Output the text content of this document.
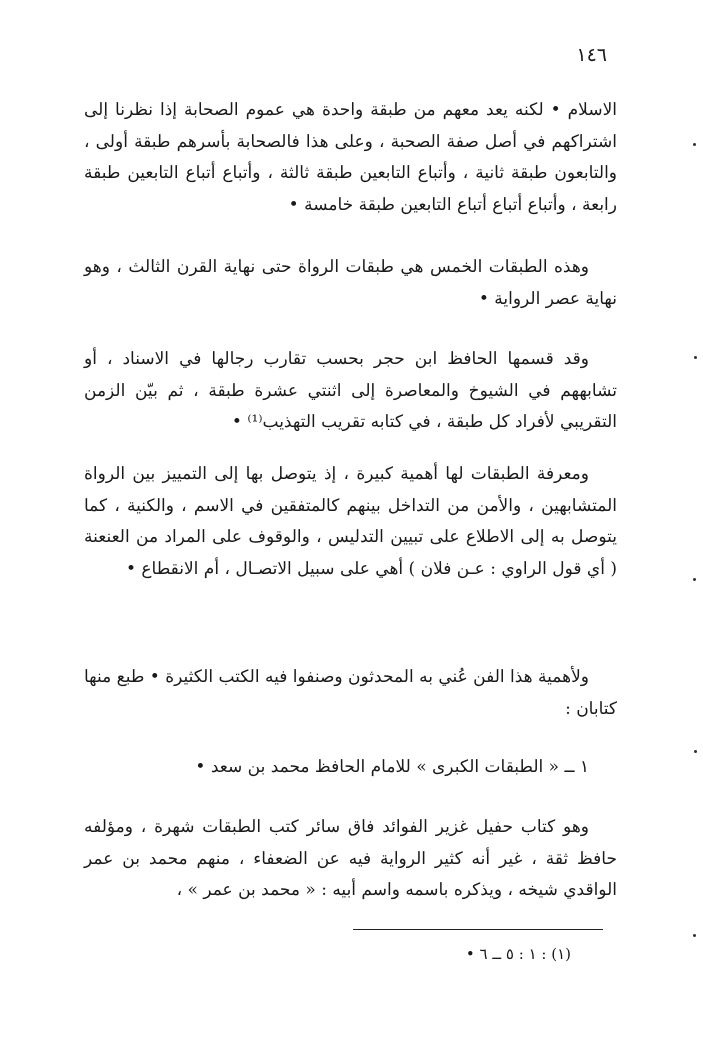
١٤٦

الاسلام • لكنه يعد معهم من طبقة واحدة هي عموم الصحابة إذا نظرنا إلى اشتراكهم في أصل صفة الصحبة ، وعلى هذا فالصحابة بأسرهم طبقة أولى ، والتابعون طبقة ثانية ، وأتباع التابعين طبقة ثالثة ، وأتباع أتباع التابعين طبقة رابعة ، وأتباع أتباع أتباع التابعين طبقة خامسة •

وهذه الطبقات الخمس هي طبقات الرواة حتى نهاية القرن الثالث ، وهو نهاية عصر الرواية •

وقد قسمها الحافظ ابن حجر بحسب تقارب رجالها في الاسناد ، أو تشابههم في الشيوخ والمعاصرة إلى اثنتي عشرة طبقة ، ثم بيّن الزمن التقريبي لأفراد كل طبقة ، في كتابه تقريب التهذيب⁽¹⁾ •

ومعرفة الطبقات لها أهمية كبيرة ، إذ يتوصل بها إلى التمييز بين الرواة المتشابهين ، والأمن من التداخل بينهم كالمتفقين في الاسم ، والكنية ، كما يتوصل به إلى الاطلاع على تبيين التدليس ، والوقوف على المراد من العنعنة ( أي قول الراوي : عـن فلان ) أهي على سبيل الاتصـال ، أم الانقطاع •

ولأهمية هذا الفن عُني به المحدثون وصنفوا فيه الكتب الكثيرة • طبع منها كتابان :

١ ــ « الطبقات الكبرى » للامام الحافظ محمد بن سعد •

وهو كتاب حفيل غزير الفوائد فاق سائر كتب الطبقات شهرة ، ومؤلفه حافظ ثقة ، غير أنه كثير الرواية فيه عن الضعفاء ، منهم محمد بن عمر الواقدي شيخه ، ويذكره باسمه واسم أبيه : « محمد بن عمر » ،

(١) : ١ : ٥ ــ ٦ •
